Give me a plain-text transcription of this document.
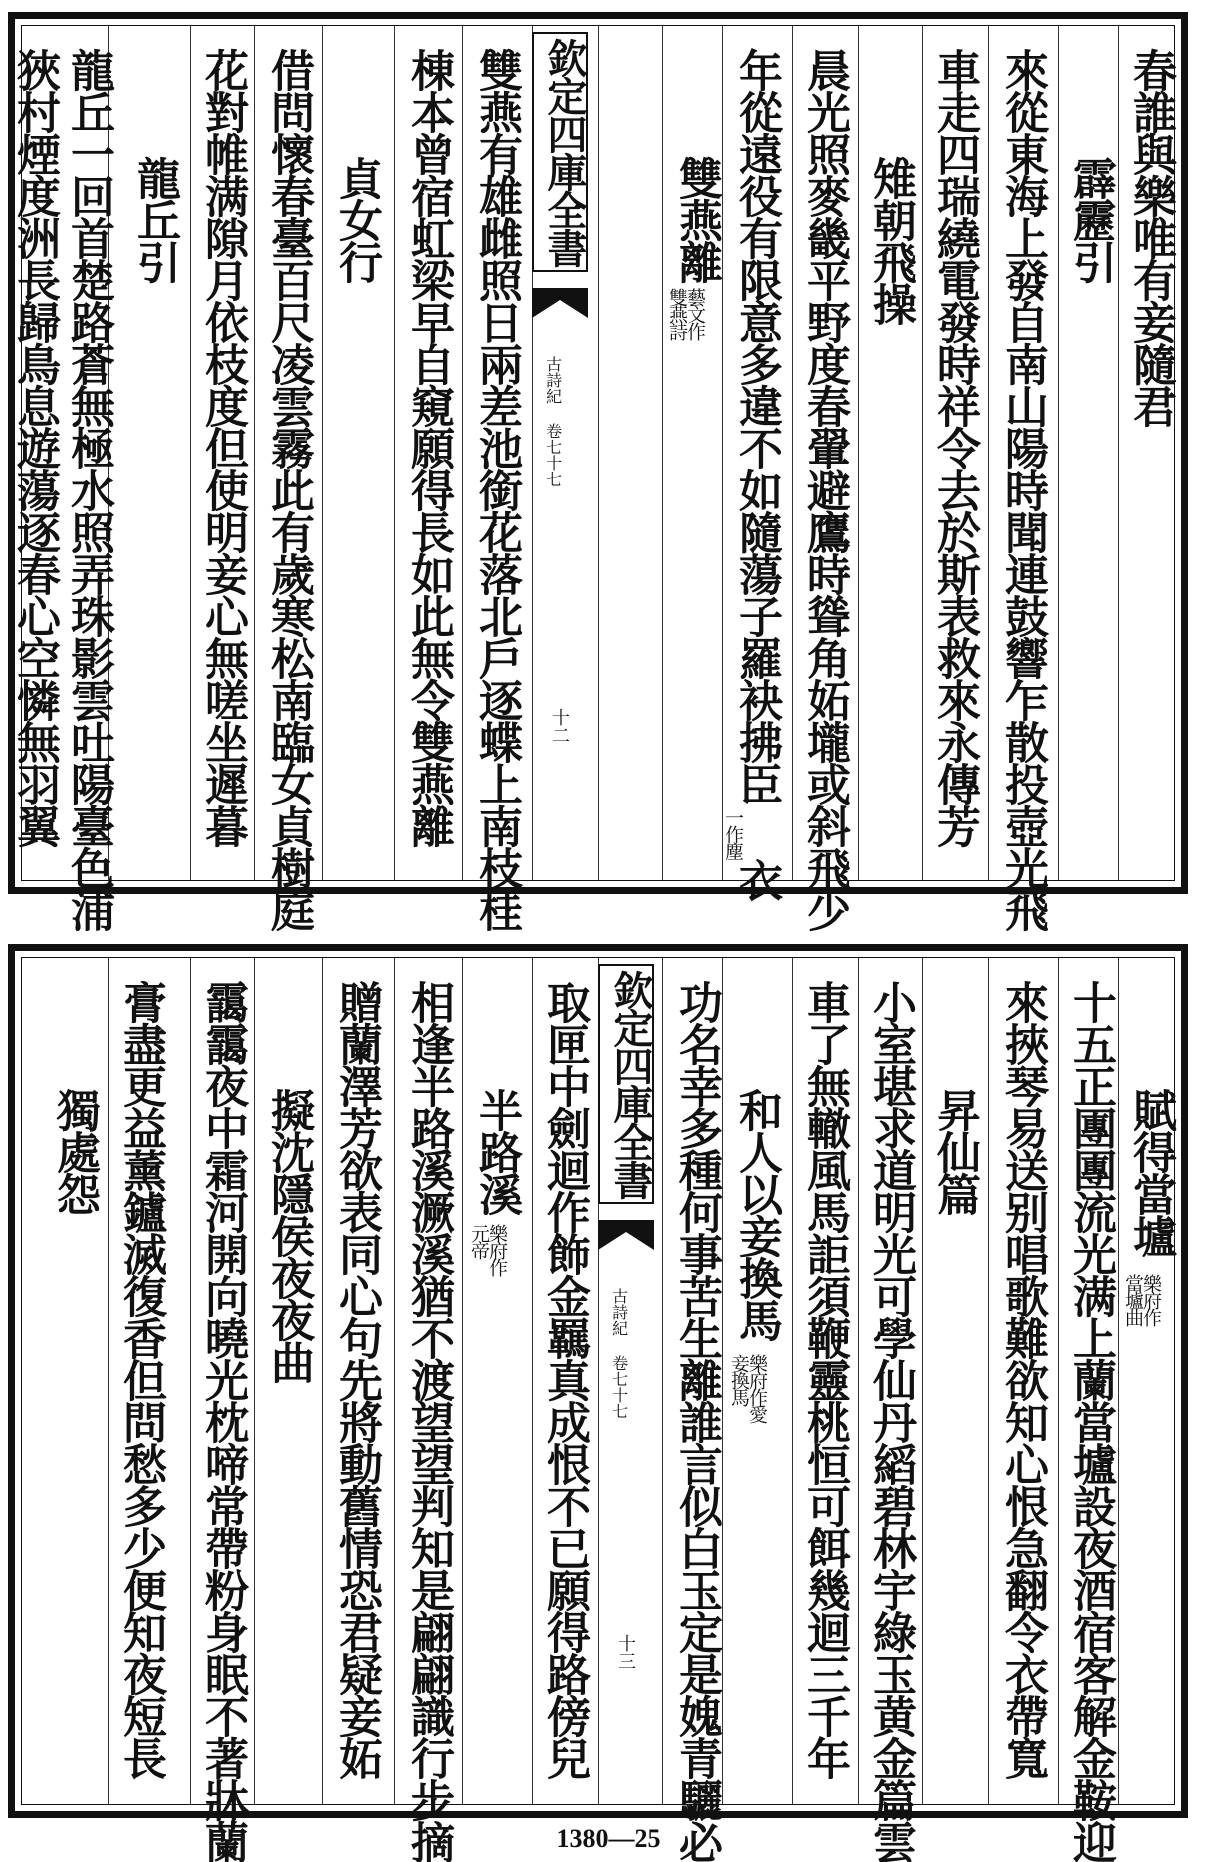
欽定四庫全書
古詩紀 卷七十七
十二
春誰與樂唯有妾隨君
霹靂引
來從東海上發自南山陽時聞連鼓響乍散投壺光飛
車走四瑞繞電發時祥令去於斯表救來永傳芳
雉朝飛操
晨光照麥畿平野度春翬避鷹時聳角妬壠或斜飛少
年從遠役有限意多違不如隨蕩子羅袂拂臣
一作塵
衣
雙燕離
藝文作
雙燕詩
雙燕有雄雌照日兩差池銜花落北戶逐蝶上南枝桂
棟本曾宿虹梁早自窺願得長如此無令雙燕離
貞女行
借問懷春臺百尺凌雲霧此有歲寒松南臨女貞樹庭
花對帷满隙月依枝度但使明妾心無嗟坐遲暮
龍丘引
龍丘一回首楚路蒼無極水照弄珠影雲吐陽臺色浦
狹村煙度洲長歸鳥息遊蕩逐春心空憐無羽翼
欽定四庫全書
古詩紀 卷七十七
十三
賦得當壚
樂府作
當壚曲
十五正團團流光满上蘭當壚設夜酒宿客解金鞍迎
來挾琴易送别唱歌難欲知心恨急翻令衣帶寬
昇仙篇
小室堪求道明光可學仙丹縚碧林宇綠玉黄金篇雲
車了無轍風馬詎須鞭靈桃恒可餌幾迴三千年
和人以妾換馬
樂府作愛
妾換馬
功名幸多種何事苦生離誰言似白玉定是媿青驪必
取匣中劍迴作飾金羈真成恨不已願得路傍兒
半路溪
樂府作
元帝
相逢半路溪㵐溪猶不渡望望判知是翩翩識行步摘
贈蘭澤芳欲表同心句先將動舊情恐君疑妾妬
擬沈隱侯夜夜曲
靄靄夜中霜河開向曉光枕啼常帶粉身眠不著牀蘭
膏盡更益薰鑪滅復香但問愁多少便知夜短長
獨處怨
1380—25
